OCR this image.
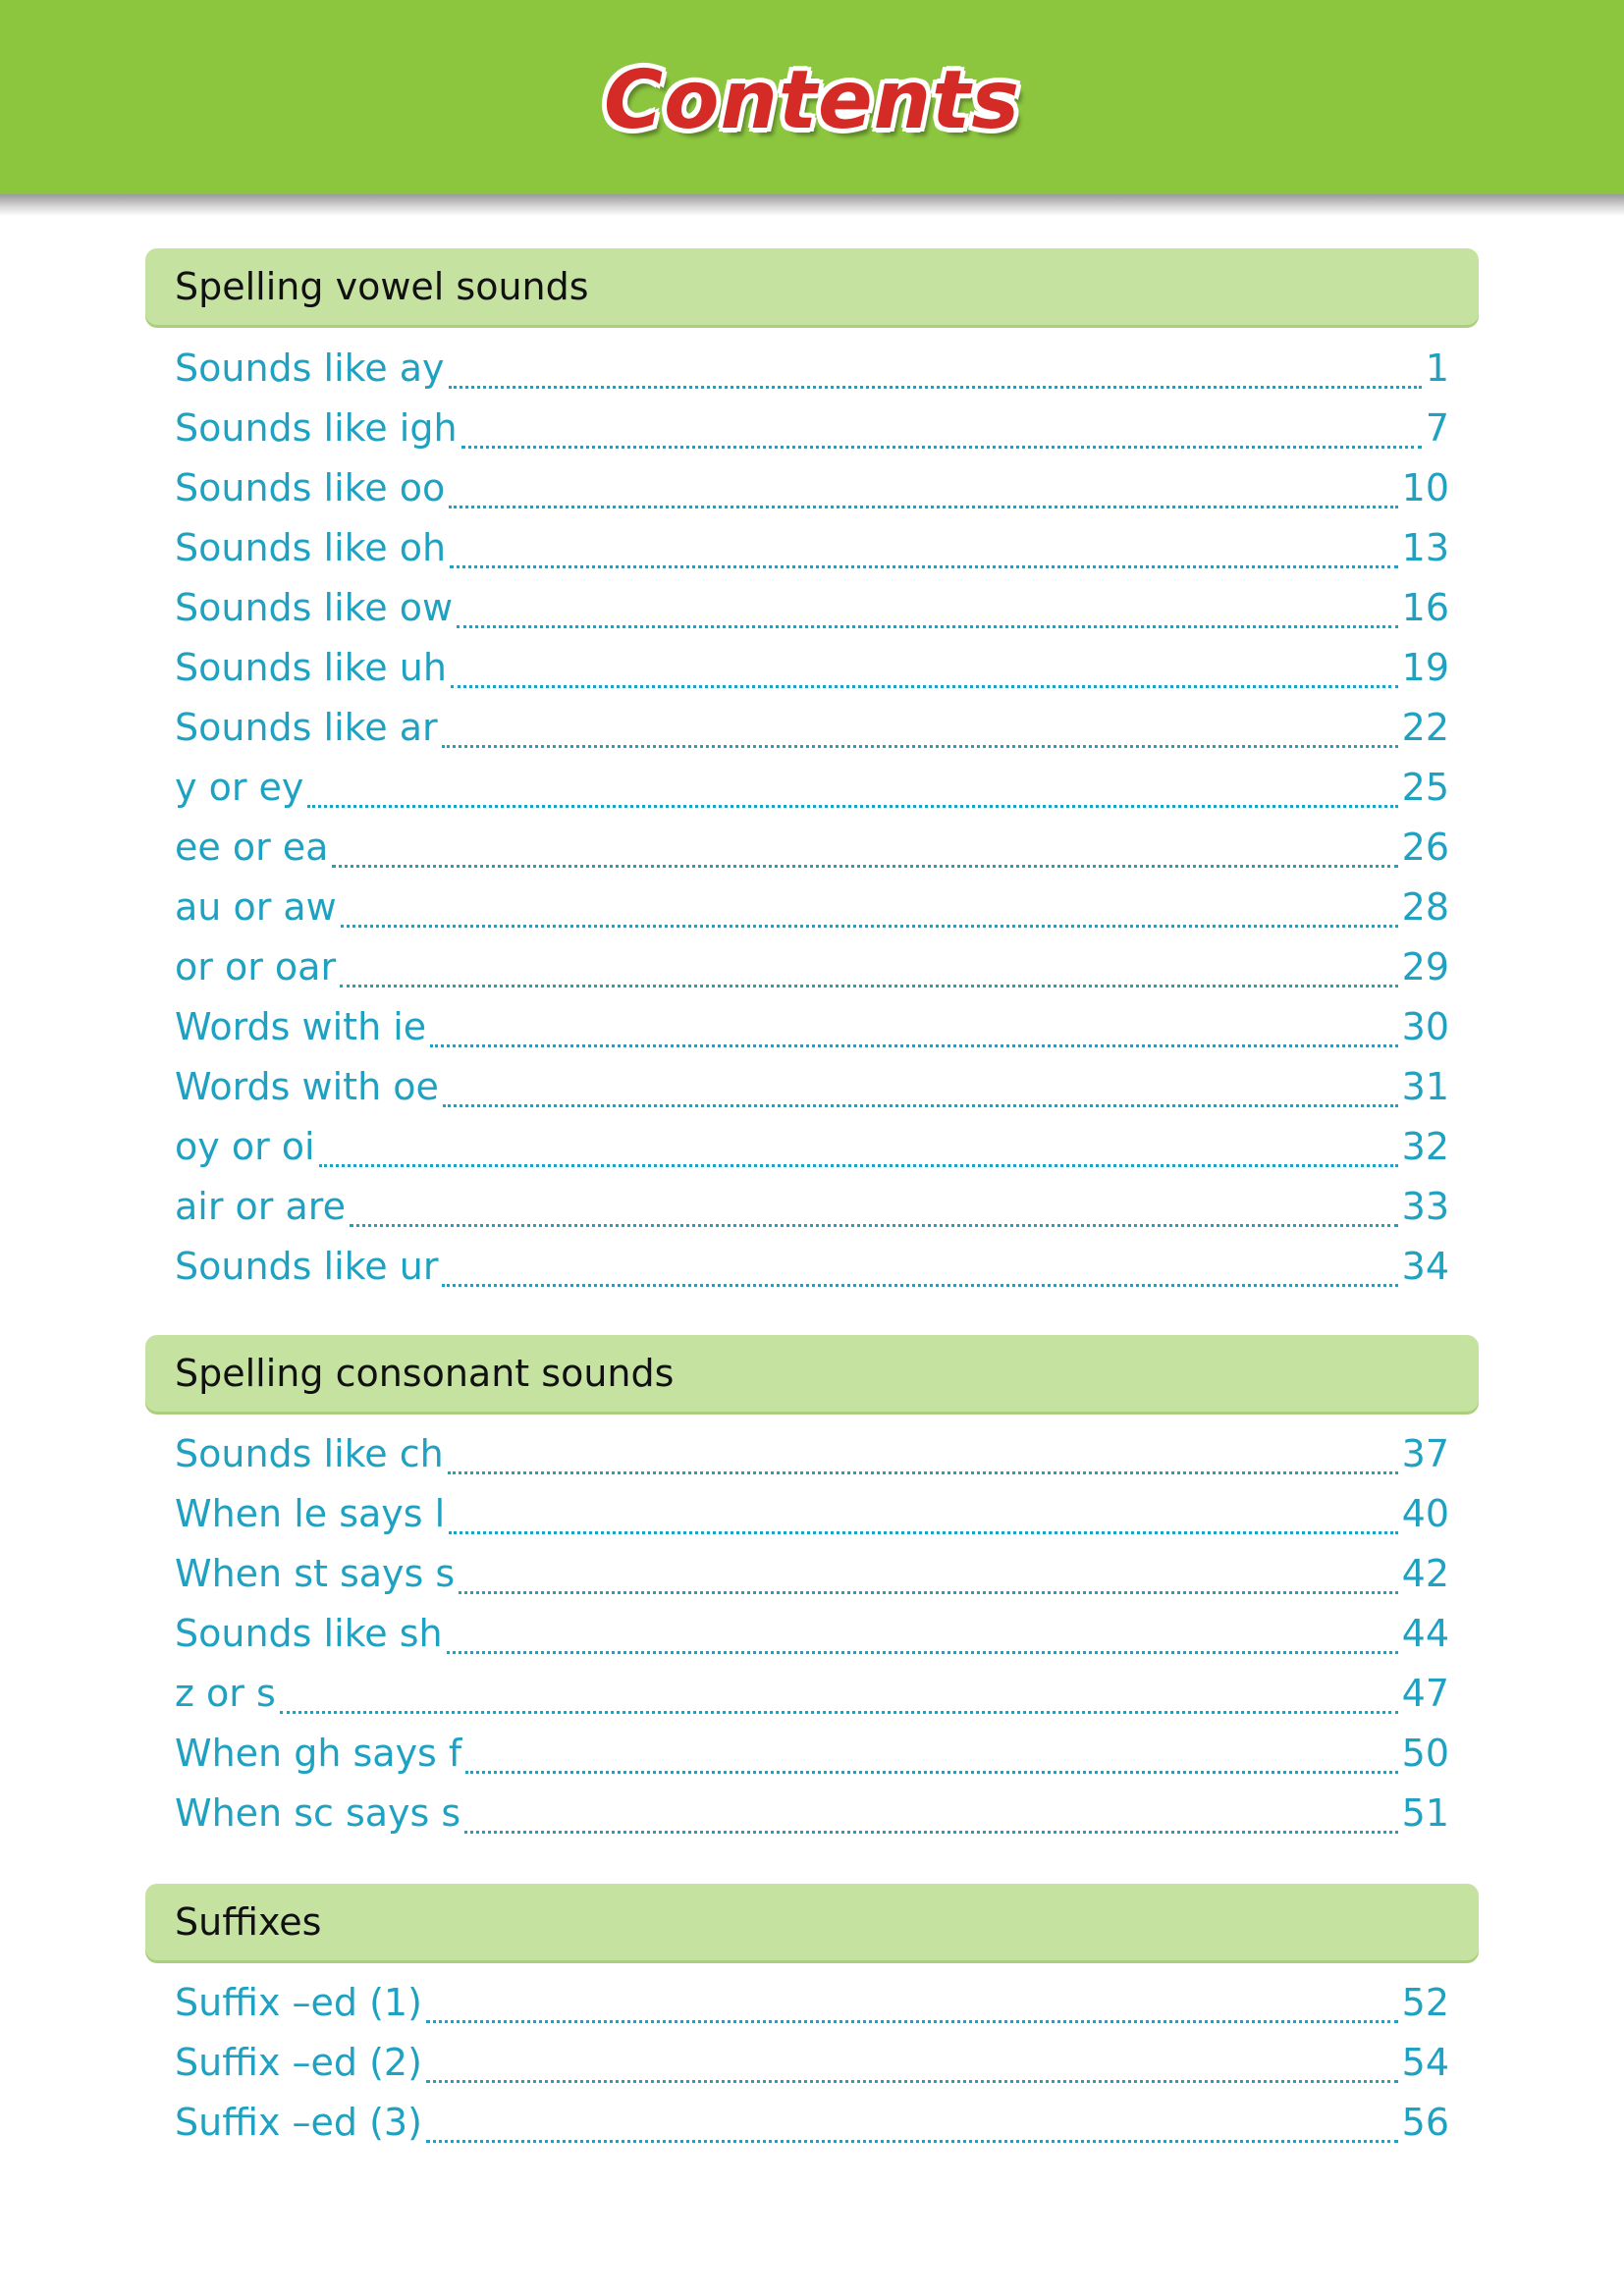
Contents
Spelling vowel sounds
Sounds like ay	1
Sounds like igh	7
Sounds like oo	10
Sounds like oh	13
Sounds like ow	16
Sounds like uh	19
Sounds like ar	22
y or ey	25
ee or ea	26
au or aw	28
or or oar	29
Words with ie	30
Words with oe	31
oy or oi	32
air or are	33
Sounds like ur	34
Spelling consonant sounds
Sounds like ch	37
When le says l	40
When st says s	42
Sounds like sh	44
z or s	47
When gh says f	50
When sc says s	51
Suffixes
Suffix –ed (1)	52
Suffix –ed (2)	54
Suffix –ed (3)	56
